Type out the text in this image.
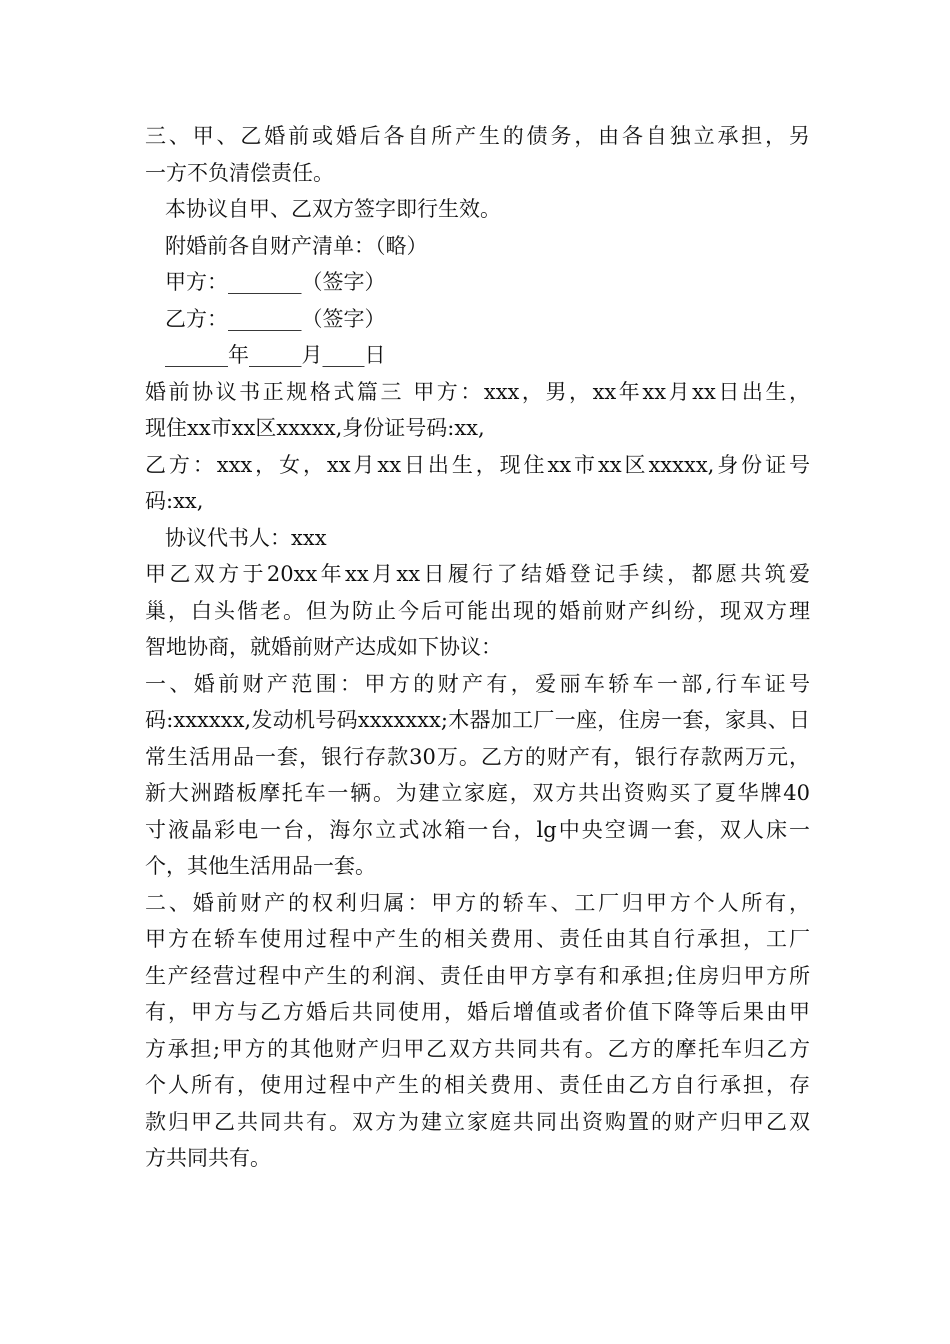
三、甲、乙婚前或婚后各自所产生的债务，由各自独立承担，另

一方不负清偿责任。

本协议自甲、乙双方签字即行生效。

附婚前各自财产清单：（略）

甲方：_______（签字）

乙方：_______（签字）

______年_____月____日

婚前协议书正规格式篇三 甲方：xxx，男，xx年xx月xx日出生，

现住xx市xx区xxxxx,身份证号码:xx,

乙方：xxx，女，xx月xx日出生，现住xx市xx区xxxxx,身份证号

码:xx,

协议代书人：xxx

甲乙双方于20xx年xx月xx日履行了结婚登记手续，都愿共筑爱

巢，白头偕老。但为防止今后可能出现的婚前财产纠纷，现双方理

智地协商，就婚前财产达成如下协议：

一、婚前财产范围：甲方的财产有，爱丽车轿车一部,行车证号

码:xxxxxx,发动机号码xxxxxxx;木器加工厂一座，住房一套，家具、日

常生活用品一套，银行存款30万。乙方的财产有，银行存款两万元，

新大洲踏板摩托车一辆。为建立家庭，双方共出资购买了夏华牌40

寸液晶彩电一台，海尔立式冰箱一台，lg中央空调一套，双人床一

个，其他生活用品一套。

二、婚前财产的权利归属：甲方的轿车、工厂归甲方个人所有，

甲方在轿车使用过程中产生的相关费用、责任由其自行承担，工厂

生产经营过程中产生的利润、责任由甲方享有和承担;住房归甲方所

有，甲方与乙方婚后共同使用，婚后增值或者价值下降等后果由甲

方承担;甲方的其他财产归甲乙双方共同共有。乙方的摩托车归乙方

个人所有，使用过程中产生的相关费用、责任由乙方自行承担，存

款归甲乙共同共有。双方为建立家庭共同出资购置的财产归甲乙双

方共同共有。
